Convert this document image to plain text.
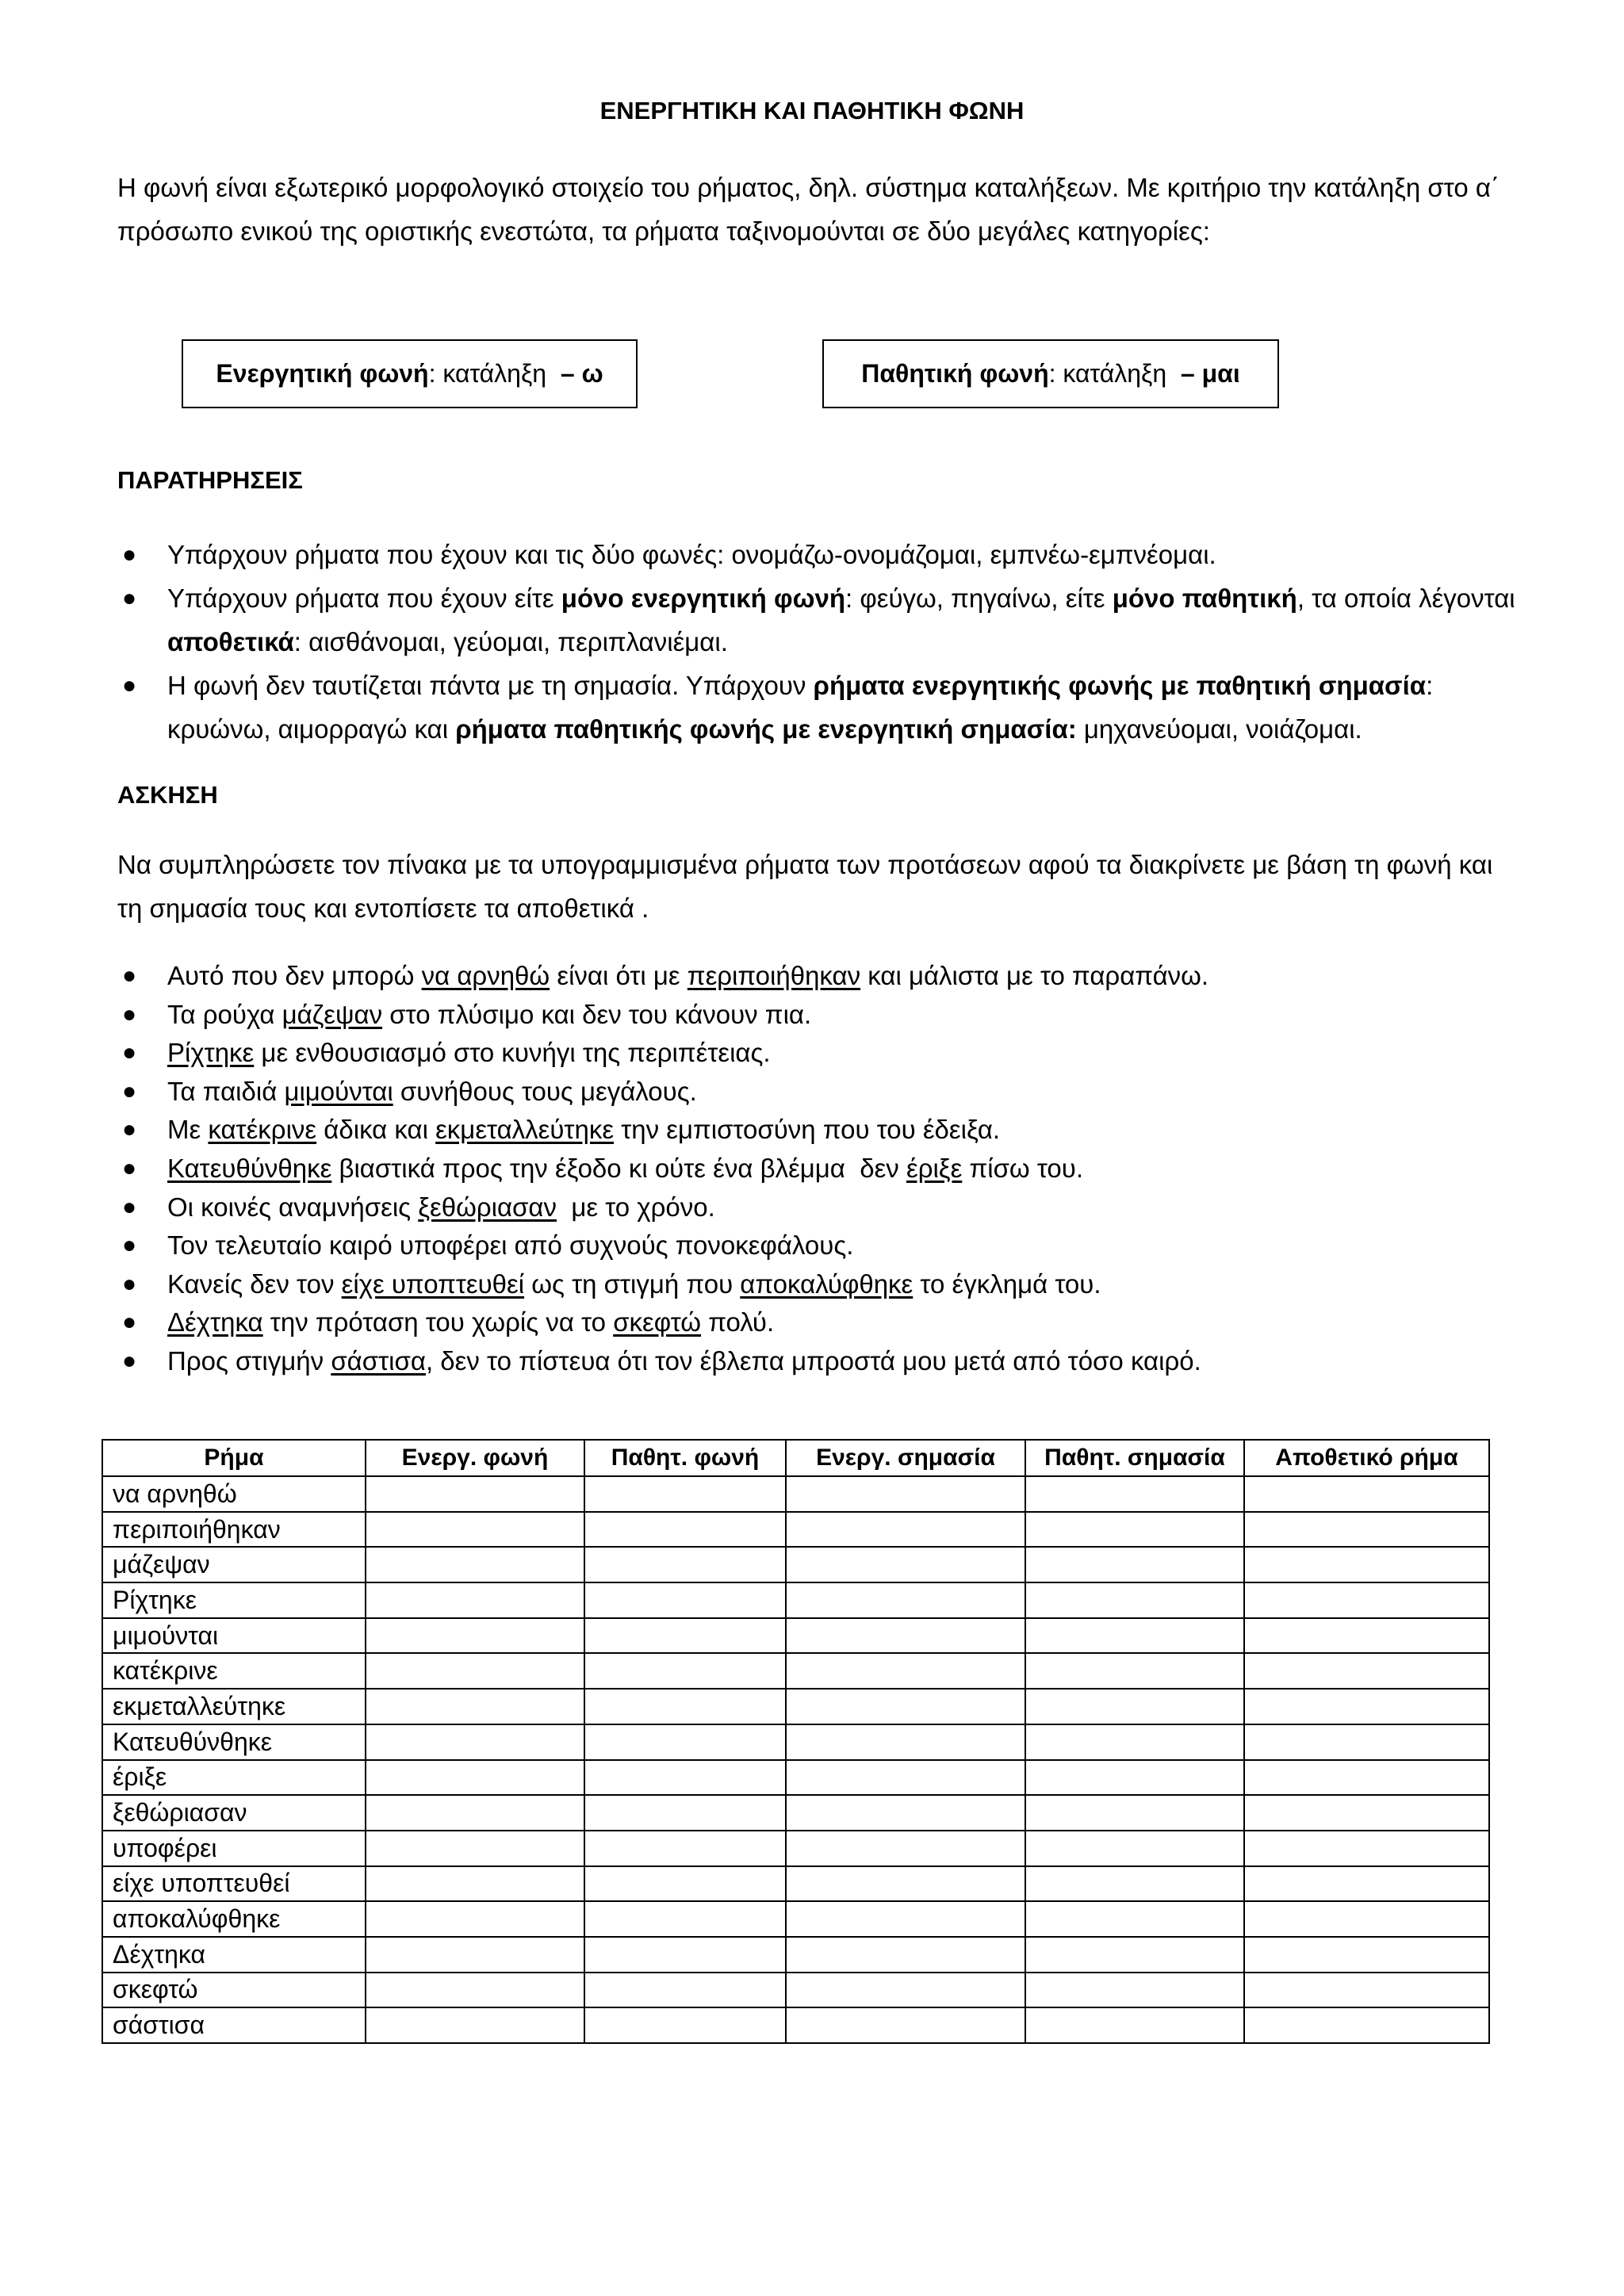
ΕΝΕΡΓΗΤΙΚΗ ΚΑΙ ΠΑΘΗΤΙΚΗ ΦΩΝΗ
Η φωνή είναι εξωτερικό μορφολογικό στοιχείο του ρήματος, δηλ. σύστημα καταλήξεων. Με κριτήριο την κατάληξη στο α΄ πρόσωπο ενικού της οριστικής ενεστώτα, τα ρήματα ταξινομούνται σε δύο μεγάλες κατηγορίες:
Ενεργητική φωνή: κατάληξη  – ω	Παθητική φωνή: κατάληξη  – μαι
ΠΑΡΑΤΗΡΗΣΕΙΣ
● Υπάρχουν ρήματα που έχουν και τις δύο φωνές: ονομάζω-ονομάζομαι, εμπνέω-εμπνέομαι.
● Υπάρχουν ρήματα που έχουν είτε μόνο ενεργητική φωνή: φεύγω, πηγαίνω, είτε μόνο παθητική, τα οποία λέγονται αποθετικά: αισθάνομαι, γεύομαι, περιπλανιέμαι.
● Η φωνή δεν ταυτίζεται πάντα με τη σημασία. Υπάρχουν ρήματα ενεργητικής φωνής με παθητική σημασία: κρυώνω, αιμορραγώ και ρήματα παθητικής φωνής με ενεργητική σημασία: μηχανεύομαι, νοιάζομαι.
ΑΣΚΗΣΗ
Να συμπληρώσετε τον πίνακα με τα υπογραμμισμένα ρήματα των προτάσεων αφού τα διακρίνετε με βάση τη φωνή και τη σημασία τους και εντοπίσετε τα αποθετικά .
● Αυτό που δεν μπορώ να αρνηθώ είναι ότι με περιποιήθηκαν και μάλιστα με το παραπάνω.
● Τα ρούχα μάζεψαν στο πλύσιμο και δεν του κάνουν πια.
● Ρίχτηκε με ενθουσιασμό στο κυνήγι της περιπέτειας.
● Τα παιδιά μιμούνται συνήθους τους μεγάλους.
● Με κατέκρινε άδικα και εκμεταλλεύτηκε την εμπιστοσύνη που του έδειξα.
● Κατευθύνθηκε βιαστικά προς την έξοδο κι ούτε ένα βλέμμα  δεν έριξε πίσω του.
● Οι κοινές αναμνήσεις ξεθώριασαν  με το χρόνο.
● Τον τελευταίο καιρό υποφέρει από συχνούς πονοκεφάλους.
● Κανείς δεν τον είχε υποπτευθεί ως τη στιγμή που αποκαλύφθηκε το έγκλημά του.
● Δέχτηκα την πρόταση του χωρίς να το σκεφτώ πολύ.
● Προς στιγμήν σάστισα, δεν το πίστευα ότι τον έβλεπα μπροστά μου μετά από τόσο καιρό.
Ρήμα	Ενεργ. φωνή	Παθητ. φωνή	Ενεργ. σημασία	Παθητ. σημασία	Αποθετικό ρήμα
να αρνηθώ					
περιποιήθηκαν					
μάζεψαν					
Ρίχτηκε					
μιμούνται					
κατέκρινε					
εκμεταλλεύτηκε					
Κατευθύνθηκε					
έριξε					
ξεθώριασαν					
υποφέρει					
είχε υποπτευθεί					
αποκαλύφθηκε					
Δέχτηκα					
σκεφτώ					
σάστισα					
